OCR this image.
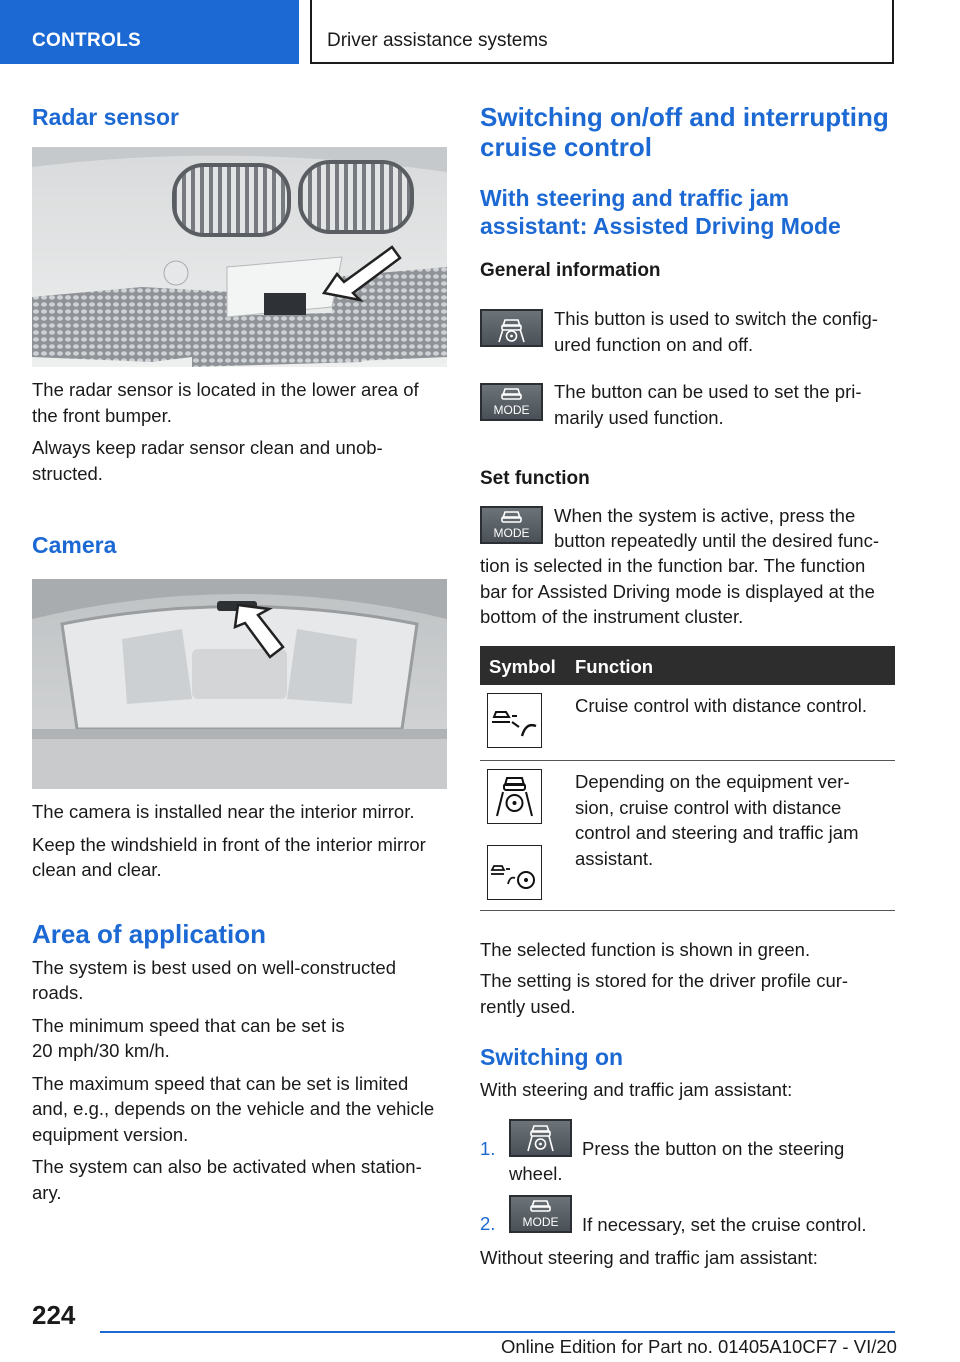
CONTROLS	Driver assistance systems
Radar sensor

The radar sensor is located in the lower area of the front bumper.

Always keep radar sensor clean and unob‐structed.

Camera

The camera is installed near the interior mirror.

Keep the windshield in front of the interior mirror clean and clear.

Area of application

The system is best used on well-constructed roads.

The minimum speed that can be set is 20 mph/30 km/h.

The maximum speed that can be set is limited and, e.g., depends on the vehicle and the vehicle equipment version.

The system can also be activated when station‐ary.

Switching on/off and interrupting cruise control
With steering and traffic jam assistant: Assisted Driving Mode
General information
This button is used to switch the config‐ured function on and off.
MODE
The button can be used to set the pri‐marily used function.
Set function
MODE

When the system is active, press the

button repeatedly until the desired func‐

tion is selected in the function bar. The function bar for Assisted Driving mode is displayed at the bottom of the instrument cluster.

Symbol Function

Cruise control with distance control.

Depending on the equipment ver‐sion, cruise control with distance control and steering and traffic jam assistant.

The selected function is shown in green.

The setting is stored for the driver profile cur‐rently used.

Switching on

With steering and traffic jam assistant:

1.	Press the button on the steering

wheel.

2. MODE If necessary, set the cruise control.

Without steering and traffic jam assistant:

224
Online Edition for Part no. 01405A10CF7 - VI/20
